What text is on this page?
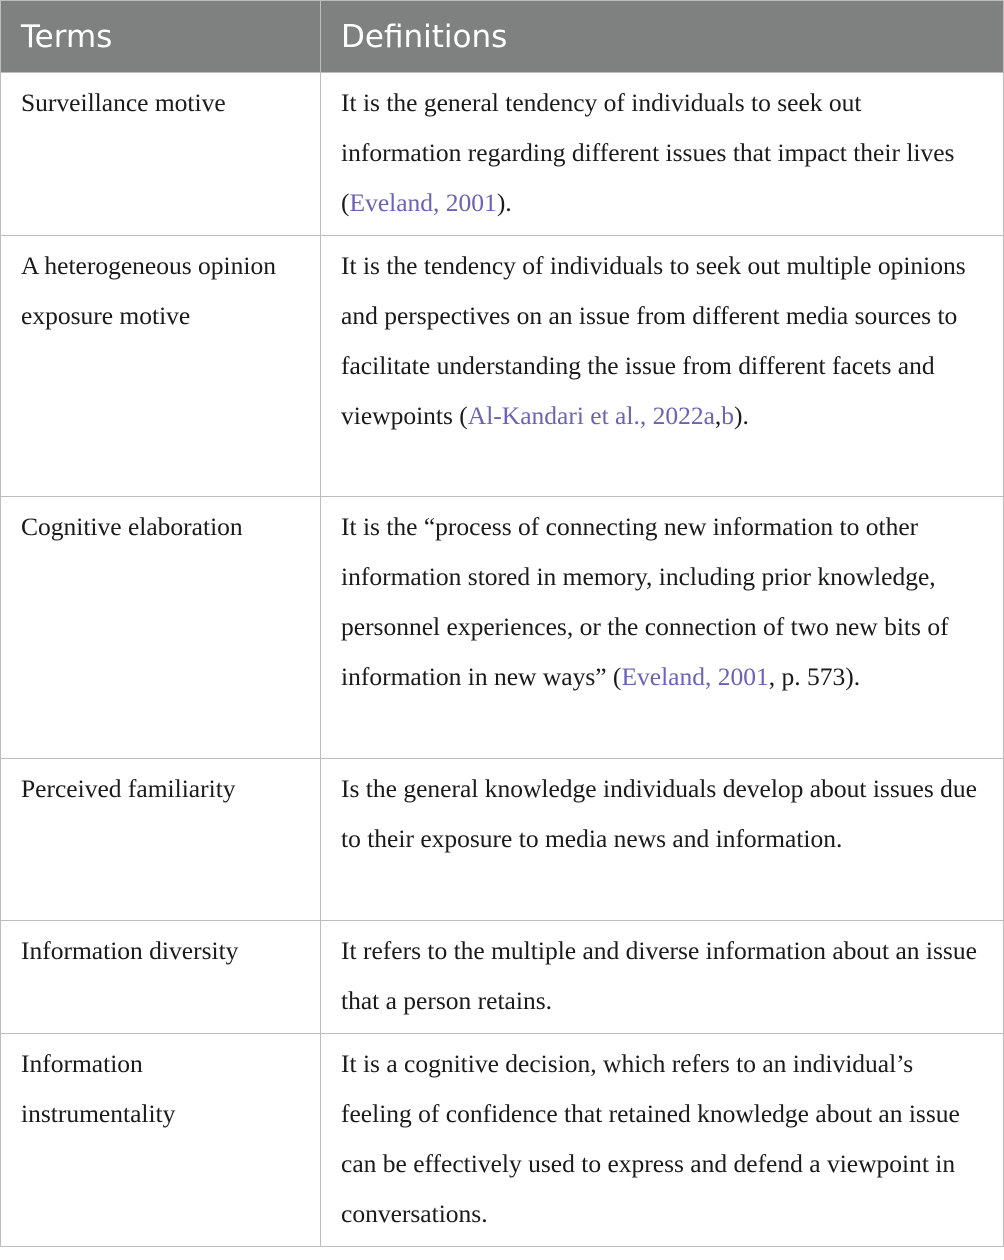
Terms	Definitions
Surveillance motive	It is the general tendency of individuals to seek out information regarding different issues that impact their lives (Eveland, 2001).
A heterogeneous opinion exposure motive	It is the tendency of individuals to seek out multiple opinions and perspectives on an issue from different media sources to facilitate understanding the issue from different facets and viewpoints (Al-Kandari et al., 2022a,b).
Cognitive elaboration	It is the “process of connecting new information to other information stored in memory, including prior knowledge, personnel experiences, or the connection of two new bits of information in new ways” (Eveland, 2001, p. 573).
Perceived familiarity	Is the general knowledge individuals develop about issues due to their exposure to media news and information.
Information diversity	It refers to the multiple and diverse information about an issue that a person retains.
Information instrumentality	It is a cognitive decision, which refers to an individual’s feeling of confidence that retained knowledge about an issue can be effectively used to express and defend a viewpoint in conversations.
